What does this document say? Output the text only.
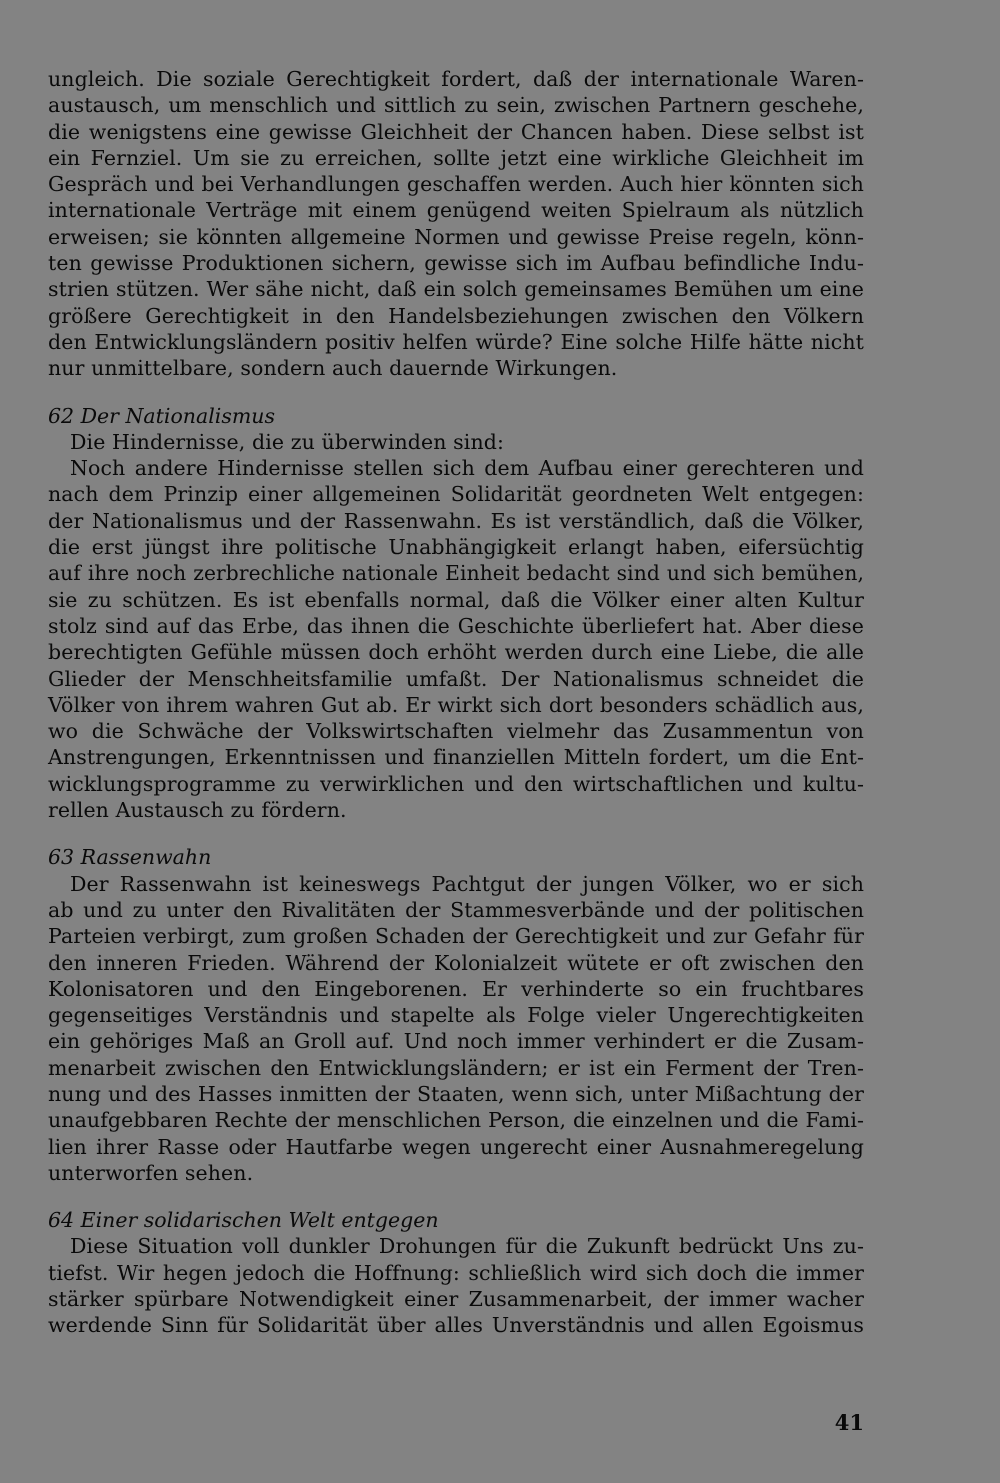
ungleich. Die soziale Gerechtigkeit fordert, daß der internationale Waren-
austausch, um menschlich und sittlich zu sein, zwischen Partnern geschehe,
die wenigstens eine gewisse Gleichheit der Chancen haben. Diese selbst ist
ein Fernziel. Um sie zu erreichen, sollte jetzt eine wirkliche Gleichheit im
Gespräch und bei Verhandlungen geschaffen werden. Auch hier könnten sich
internationale Verträge mit einem genügend weiten Spielraum als nützlich
erweisen; sie könnten allgemeine Normen und gewisse Preise regeln, könn-
ten gewisse Produktionen sichern, gewisse sich im Aufbau befindliche Indu-
strien stützen. Wer sähe nicht, daß ein solch gemeinsames Bemühen um eine
größere Gerechtigkeit in den Handelsbeziehungen zwischen den Völkern
den Entwicklungsländern positiv helfen würde? Eine solche Hilfe hätte nicht
nur unmittelbare, sondern auch dauernde Wirkungen.
62 Der Nationalismus
Die Hindernisse, die zu überwinden sind:
Noch andere Hindernisse stellen sich dem Aufbau einer gerechteren und
nach dem Prinzip einer allgemeinen Solidarität geordneten Welt entgegen:
der Nationalismus und der Rassenwahn. Es ist verständlich, daß die Völker,
die erst jüngst ihre politische Unabhängigkeit erlangt haben, eifersüchtig
auf ihre noch zerbrechliche nationale Einheit bedacht sind und sich bemühen,
sie zu schützen. Es ist ebenfalls normal, daß die Völker einer alten Kultur
stolz sind auf das Erbe, das ihnen die Geschichte überliefert hat. Aber diese
berechtigten Gefühle müssen doch erhöht werden durch eine Liebe, die alle
Glieder der Menschheitsfamilie umfaßt. Der Nationalismus schneidet die
Völker von ihrem wahren Gut ab. Er wirkt sich dort besonders schädlich aus,
wo die Schwäche der Volkswirtschaften vielmehr das Zusammentun von
Anstrengungen, Erkenntnissen und finanziellen Mitteln fordert, um die Ent-
wicklungsprogramme zu verwirklichen und den wirtschaftlichen und kultu-
rellen Austausch zu fördern.
63 Rassenwahn
Der Rassenwahn ist keineswegs Pachtgut der jungen Völker, wo er sich
ab und zu unter den Rivalitäten der Stammesverbände und der politischen
Parteien verbirgt, zum großen Schaden der Gerechtigkeit und zur Gefahr für
den inneren Frieden. Während der Kolonialzeit wütete er oft zwischen den
Kolonisatoren und den Eingeborenen. Er verhinderte so ein fruchtbares
gegenseitiges Verständnis und stapelte als Folge vieler Ungerechtigkeiten
ein gehöriges Maß an Groll auf. Und noch immer verhindert er die Zusam-
menarbeit zwischen den Entwicklungsländern; er ist ein Ferment der Tren-
nung und des Hasses inmitten der Staaten, wenn sich, unter Mißachtung der
unaufgebbaren Rechte der menschlichen Person, die einzelnen und die Fami-
lien ihrer Rasse oder Hautfarbe wegen ungerecht einer Ausnahmeregelung
unterworfen sehen.
64 Einer solidarischen Welt entgegen
Diese Situation voll dunkler Drohungen für die Zukunft bedrückt Uns zu-
tiefst. Wir hegen jedoch die Hoffnung: schließlich wird sich doch die immer
stärker spürbare Notwendigkeit einer Zusammenarbeit, der immer wacher
werdende Sinn für Solidarität über alles Unverständnis und allen Egoismus
41
